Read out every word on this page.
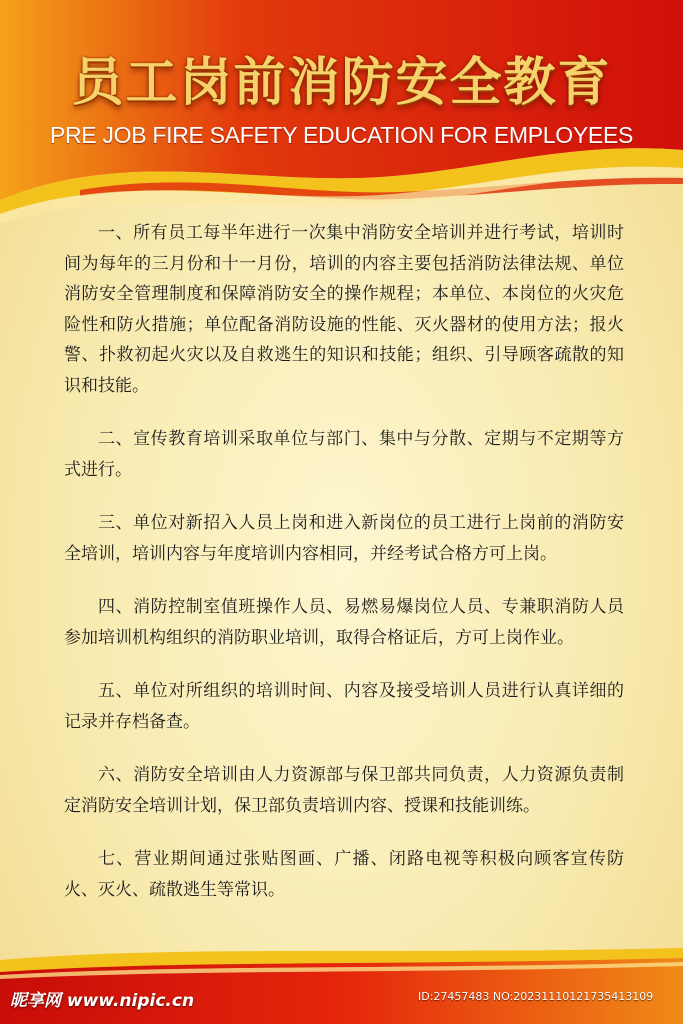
员工岗前消防安全教育
PRE JOB FIRE SAFETY EDUCATION FOR EMPLOYEES

一、所有员工每半年进行一次集中消防安全培训并进行考试，培训时间为每年的三月份和十一月份，培训的内容主要包括消防法律法规、单位消防安全管理制度和保障消防安全的操作规程；本单位、本岗位的火灾危险性和防火措施；单位配备消防设施的性能、灭火器材的使用方法；报火警、扑救初起火灾以及自救逃生的知识和技能；组织、引导顾客疏散的知识和技能。

二、宣传教育培训采取单位与部门、集中与分散、定期与不定期等方式进行。

三、单位对新招入人员上岗和进入新岗位的员工进行上岗前的消防安全培训，培训内容与年度培训内容相同，并经考试合格方可上岗。

四、消防控制室值班操作人员、易燃易爆岗位人员、专兼职消防人员参加培训机构组织的消防职业培训，取得合格证后，方可上岗作业。

五、单位对所组织的培训时间、内容及接受培训人员进行认真详细的记录并存档备查。

六、消防安全培训由人力资源部与保卫部共同负责，人力资源负责制定消防安全培训计划，保卫部负责培训内容、授课和技能训练。

七、营业期间通过张贴图画、广播、闭路电视等积极向顾客宣传防火、灭火、疏散逃生等常识。

昵享网 www.nipic.cn	ID:27457483 NO:20231110121735413109
